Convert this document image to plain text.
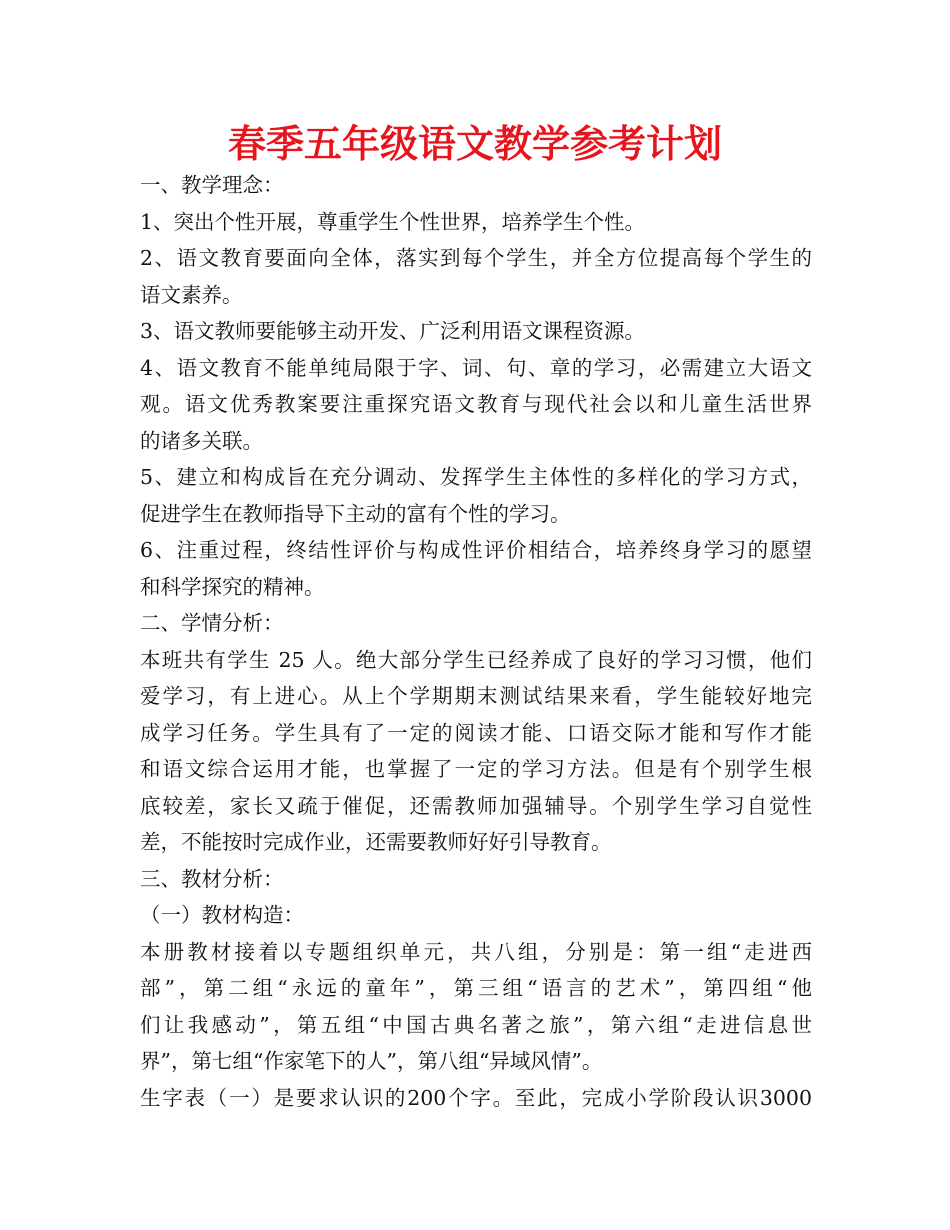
春季五年级语文教学参考计划
一、教学理念：
1、突出个性开展，尊重学生个性世界，培养学生个性。
2、语文教育要面向全体，落实到每个学生，并全方位提高每个学生的
语文素养。
3、语文教师要能够主动开发、广泛利用语文课程资源。
4、语文教育不能单纯局限于字、词、句、章的学习，必需建立大语文
观。语文优秀教案要注重探究语文教育与现代社会以和儿童生活世界
的诸多关联。
5、建立和构成旨在充分调动、发挥学生主体性的多样化的学习方式，
促进学生在教师指导下主动的富有个性的学习。
6、注重过程，终结性评价与构成性评价相结合，培养终身学习的愿望
和科学探究的精神。
二、学情分析：
本班共有学生 25 人。绝大部分学生已经养成了良好的学习习惯，他们
爱学习，有上进心。从上个学期期末测试结果来看，学生能较好地完
成学习任务。学生具有了一定的阅读才能、口语交际才能和写作才能
和语文综合运用才能，也掌握了一定的学习方法。但是有个别学生根
底较差，家长又疏于催促，还需教师加强辅导。个别学生学习自觉性
差，不能按时完成作业，还需要教师好好引导教育。
三、教材分析：
（一）教材构造：
本册教材接着以专题组织单元，共八组，分别是：第一组“走进西
部”，第二组“永远的童年”，第三组“语言的艺术”，第四组“他
们让我感动”，第五组“中国古典名著之旅”，第六组“走进信息世
界”，第七组“作家笔下的人”，第八组“异域风情”。
生字表（一）是要求认识的200个字。至此，完成小学阶段认识3000
